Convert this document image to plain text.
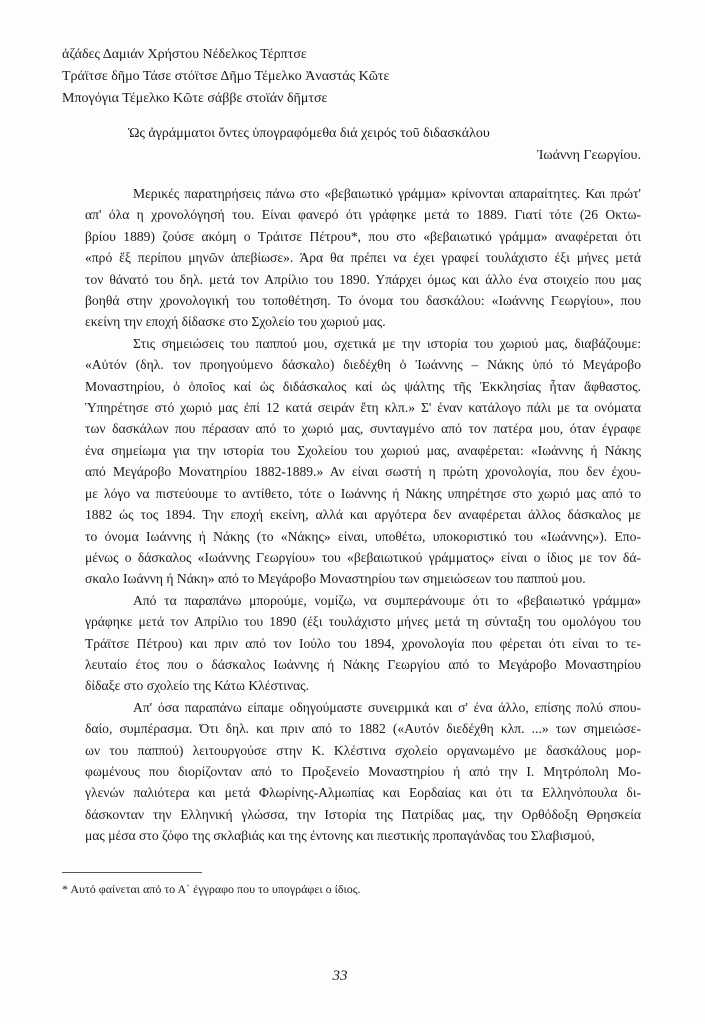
ἀζάδες Δαμιάν Χρήστου Νέδελκος Τέρπτσε
Τράϊτσε δῆμο Τάσε στόϊτσε Δῆμο Τέμελκο Ἀναστάς Κῶτε
Μπογόγια Τέμελκο Κῶτε σάββε στοϊάν δῆμτσε
Ὡς ἀγράμματοι ὄντες ὑπογραφόμεθα διά χειρός τοῦ διδασκάλου
Ἰωάννη Γεωργίου.
Μερικές παρατηρήσεις πάνω στο «βεβαιωτικό γράμμα» κρίνονται απαραίτητες. Και πρώτ'
απ' όλα η χρονολόγησή του. Είναι φανερό ότι γράφηκε μετά το 1889. Γιατί τότε (26 Οκτω-
βρίου 1889) ζούσε ακόμη ο Τράιτσε Πέτρου*, που στο «βεβαιωτικό γράμμα» αναφέρεται ότι
«πρό ἕξ περίπου μηνῶν ἀπεβίωσε». Άρα θα πρέπει να έχει γραφεί τουλάχιστο έξι μήνες μετά
τον θάνατό του δηλ. μετά τον Απρίλιο του 1890. Υπάρχει όμως και άλλο ένα στοιχείο που μας
βοηθά στην χρονολογική του τοποθέτηση. Το όνομα του δασκάλου: «Ιωάννης Γεωργίου», που
εκείνη την εποχή δίδασκε στο Σχολείο του χωριού μας.
Στις σημειώσεις του παππού μου, σχετικά με την ιστορία του χωριού μας, διαβάζουμε:
«Αὐτόν (δηλ. τον προηγούμενο δάσκαλο) διεδέχθη ὁ Ἰωάννης – Νάκης ὑπό τό Μεγάροβο
Μοναστηρίου, ὁ ὁποῖος καί ὡς διδάσκαλος καί ὡς ψάλτης τῆς Ἐκκλησίας ἦταν ἄφθαστος.
Ὑπηρέτησε στό χωριό μας ἐπί 12 κατά σειράν ἔτη κλπ.» Σ' έναν κατάλογο πάλι με τα ονόματα
των δασκάλων που πέρασαν από το χωριό μας, συνταγμένο από τον πατέρα μου, όταν έγραφε
ένα σημείωμα για την ιστορία του Σχολείου του χωριού μας, αναφέρεται: «Ιωάννης ή Νάκης
από Μεγάροβο Μονατηρίου 1882-1889.» Αν είναι σωστή η πρώτη χρονολογία, που δεν έχου-
με λόγο να πιστεύουμε το αντίθετο, τότε ο Ιωάννης ή Νάκης υπηρέτησε στο χωριό μας από το
1882 ώς τος 1894. Την εποχή εκείνη, αλλά και αργότερα δεν αναφέρεται άλλος δάσκαλος με
το όνομα Ιωάννης ή Νάκης (το «Νάκης» είναι, υποθέτω, υποκοριστικό του «Ιωάννης»). Επο-
μένως ο δάσκαλος «Ιωάννης Γεωργίου» του «βεβαιωτικού γράμματος» είναι ο ίδιος με τον δά-
σκαλο Ιωάννη ή Νάκη» από το Μεγάροβο Μοναστηρίου των σημειώσεων του παππού μου.
Από τα παραπάνω μπορούμε, νομίζω, να συμπεράνουμε ότι το «βεβαιωτικό γράμμα»
γράφηκε μετά τον Απρίλιο του 1890 (έξι τουλάχιστο μήνες μετά τη σύνταξη του ομολόγου του
Τράϊτσε Πέτρου) και πριν από τον Ιούλο του 1894, χρονολογία που φέρεται ότι είναι το τε-
λευταίο έτος που ο δάσκαλος Ιωάννης ή Νάκης Γεωργίου από το Μεγάροβο Μοναστηρίου
δίδαξε στο σχολείο της Κάτω Κλέστινας.
Απ' όσα παραπάνω είπαμε οδηγούμαστε συνειρμικά και σ' ένα άλλο, επίσης πολύ σπου-
δαίο, συμπέρασμα. Ότι δηλ. και πριν από το 1882 («Αυτόν διεδέχθη κλπ. ...» των σημειώσε-
ων του παππού) λειτουργούσε στην Κ. Κλέστινα σχολείο οργανωμένο με δασκάλους μορ-
φωμένους που διορίζονταν από το Προξενείο Μοναστηρίου ή από την Ι. Μητρόπολη Μο-
γλενών παλιότερα και μετά Φλωρίνης-Αλμωπίας και Εορδαίας και ότι τα Ελληνόπουλα δι-
δάσκονταν την Ελληνική γλώσσα, την Ιστορία της Πατρίδας μας, την Ορθόδοξη Θρησκεία
μας μέσα στο ζόφο της σκλαβιάς και της έντονης και πιεστικής προπαγάνδας του Σλαβισμού,
* Αυτό φαίνεται από το Α΄ έγγραφο που το υπογράφει ο ίδιος.
33
